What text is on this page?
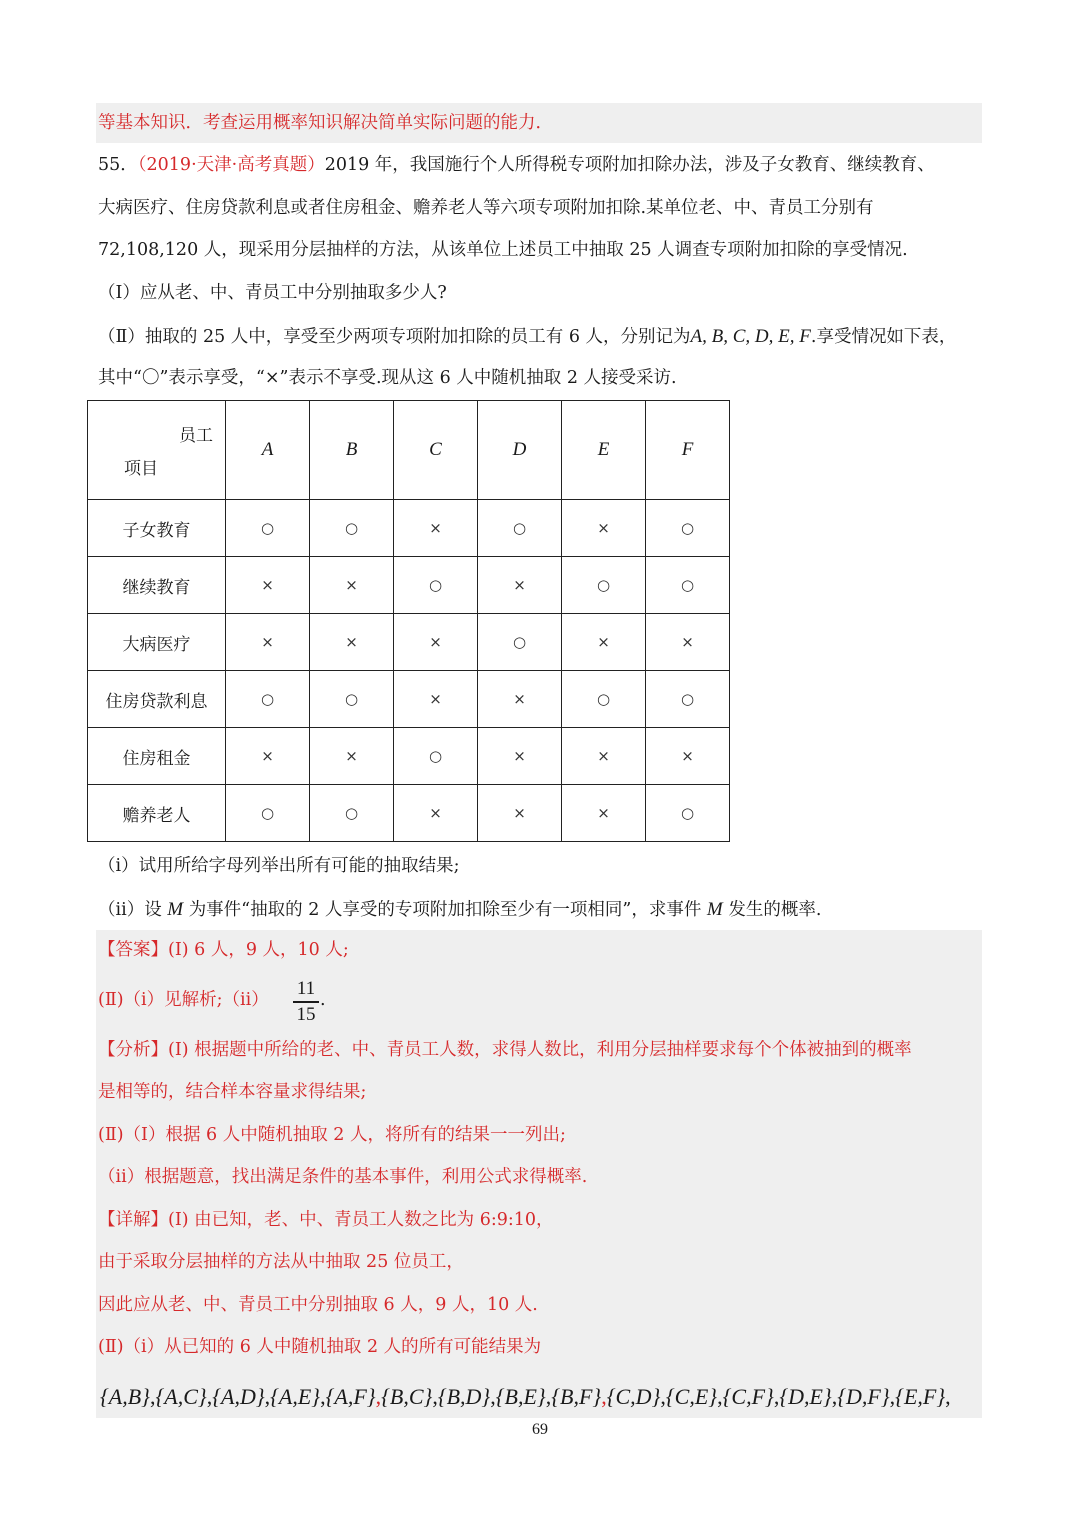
等基本知识．考查运用概率知识解决简单实际问题的能力．
55．（2019·天津·高考真题）2019 年，我国施行个人所得税专项附加扣除办法，涉及子女教育、继续教育、
大病医疗、住房贷款利息或者住房租金、赡养老人等六项专项附加扣除.某单位老、中、青员工分别有
72,108,120 人，现采用分层抽样的方法，从该单位上述员工中抽取 25 人调查专项附加扣除的享受情况.
（Ⅰ）应从老、中、青员工中分别抽取多少人?
（Ⅱ）抽取的 25 人中，享受至少两项专项附加扣除的员工有 6 人，分别记为A, B, C, D, E, F.享受情况如下表，
其中“〇”表示享受，“×”表示不享受.现从这 6 人中随机抽取 2 人接受采访.
员工
项目	A	B	C	D	E	F
子女教育	○	○	×	○	×	○
继续教育	×	×	○	×	○	○
大病医疗	×	×	×	○	×	×
住房贷款利息	○	○	×	×	○	○
住房租金	×	×	○	×	×	×
赡养老人	○	○	×	×	×	○
（i）试用所给字母列举出所有可能的抽取结果;
（ii）设 M 为事件“抽取的 2 人享受的专项附加扣除至少有一项相同”，求事件 M 发生的概率.
【答案】(Ⅰ) 6 人，9 人，10 人;
(Ⅱ)（i）见解析;（ii）
11
15
.
【分析】(Ⅰ) 根据题中所给的老、中、青员工人数，求得人数比，利用分层抽样要求每个个体被抽到的概率
是相等的，结合样本容量求得结果;
(Ⅱ)（Ⅰ）根据 6 人中随机抽取 2 人，将所有的结果一一列出;
（ii）根据题意，找出满足条件的基本事件，利用公式求得概率.
【详解】(Ⅰ) 由已知，老、中、青员工人数之比为 6:9:10，
由于采取分层抽样的方法从中抽取 25 位员工，
因此应从老、中、青员工中分别抽取 6 人，9 人，10 人.
(Ⅱ)（i）从已知的 6 人中随机抽取 2 人的所有可能结果为
{A,B},{A,C},{A,D},{A,E},{A,F},{B,C},{B,D},{B,E},{B,F},{C,D},{C,E},{C,F},{D,E},{D,F},{E,F},
69
